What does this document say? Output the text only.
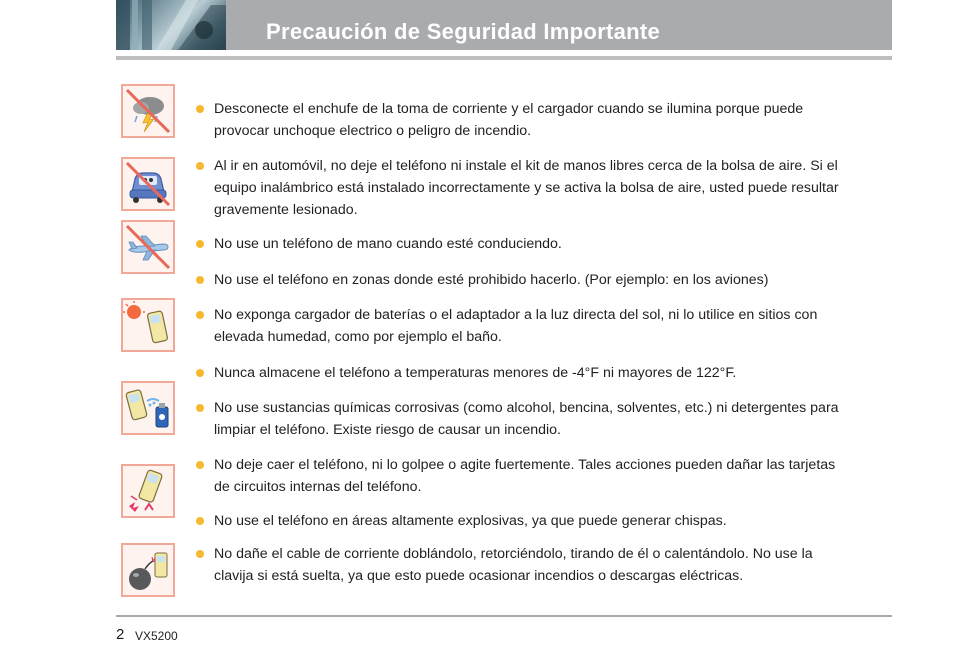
Precaución de Seguridad Importante

Desconecte el enchufe de la toma de corriente y el cargador cuando se ilumina porque puede provocar unchoque electrico o peligro de incendio.

Al ir en automóvil, no deje el teléfono ni instale el kit de manos libres cerca de la bolsa de aire. Si el equipo inalámbrico está instalado incorrectamente y se activa la bolsa de aire, usted puede resultar gravemente lesionado.

No use un teléfono de mano cuando esté conduciendo.

No use el teléfono en zonas donde esté prohibido hacerlo. (Por ejemplo: en los aviones)

No exponga cargador de baterías o el adaptador a la luz directa del sol, ni lo utilice en sitios con elevada humedad, como por ejemplo el baño.

Nunca almacene el teléfono a temperaturas menores de -4°F ni mayores de 122°F.

No use sustancias químicas corrosivas (como alcohol, bencina, solventes, etc.) ni detergentes para limpiar el teléfono. Existe riesgo de causar un incendio.

No deje caer el teléfono, ni lo golpee o agite fuertemente. Tales acciones pueden dañar las tarjetas de circuitos internas del teléfono.

No use el teléfono en áreas altamente explosivas, ya que puede generar chispas.

No dañe el cable de corriente doblándolo, retorciéndolo, tirando de él o calentándolo. No use la clavija si está suelta, ya que esto puede ocasionar incendios o descargas eléctricas.

2 VX5200
